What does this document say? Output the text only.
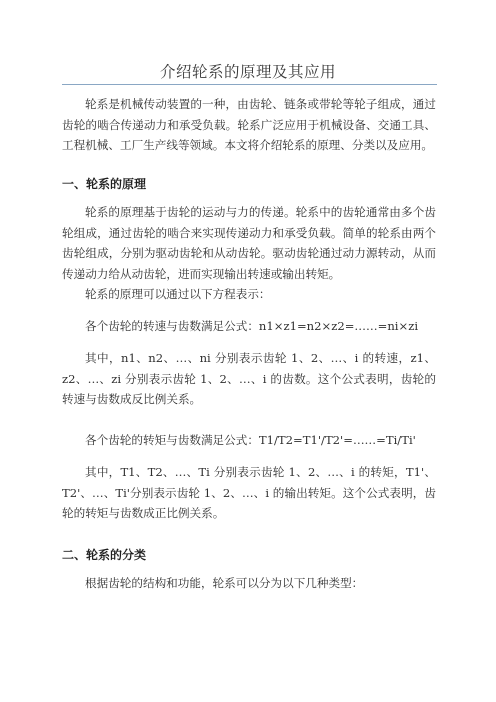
介绍轮系的原理及其应用
轮系是机械传动装置的一种，由齿轮、链条或带轮等轮子组成，通过齿轮的啮合传递动力和承受负载。轮系广泛应用于机械设备、交通工具、工程机械、工厂生产线等领域。本文将介绍轮系的原理、分类以及应用。
一、轮系的原理
轮系的原理基于齿轮的运动与力的传递。轮系中的齿轮通常由多个齿轮组成，通过齿轮的啮合来实现传递动力和承受负载。简单的轮系由两个齿轮组成，分别为驱动齿轮和从动齿轮。驱动齿轮通过动力源转动，从而传递动力给从动齿轮，进而实现输出转速或输出转矩。
轮系的原理可以通过以下方程表示：
各个齿轮的转速与齿数满足公式：n1×z1=n2×z2=……=ni×zi
其中，n1、n2、…、ni 分别表示齿轮 1、2、…、i 的转速，z1、z2、…、zi 分别表示齿轮 1、2、…、i 的齿数。这个公式表明，齿轮的转速与齿数成反比例关系。
各个齿轮的转矩与齿数满足公式：T1/T2=T1'/T2'=……=Ti/Ti'
其中，T1、T2、…、Ti 分别表示齿轮 1、2、…、i 的转矩，T1'、T2'、…、Ti'分别表示齿轮 1、2、…、i 的输出转矩。这个公式表明，齿轮的转矩与齿数成正比例关系。
二、轮系的分类
根据齿轮的结构和功能，轮系可以分为以下几种类型：
